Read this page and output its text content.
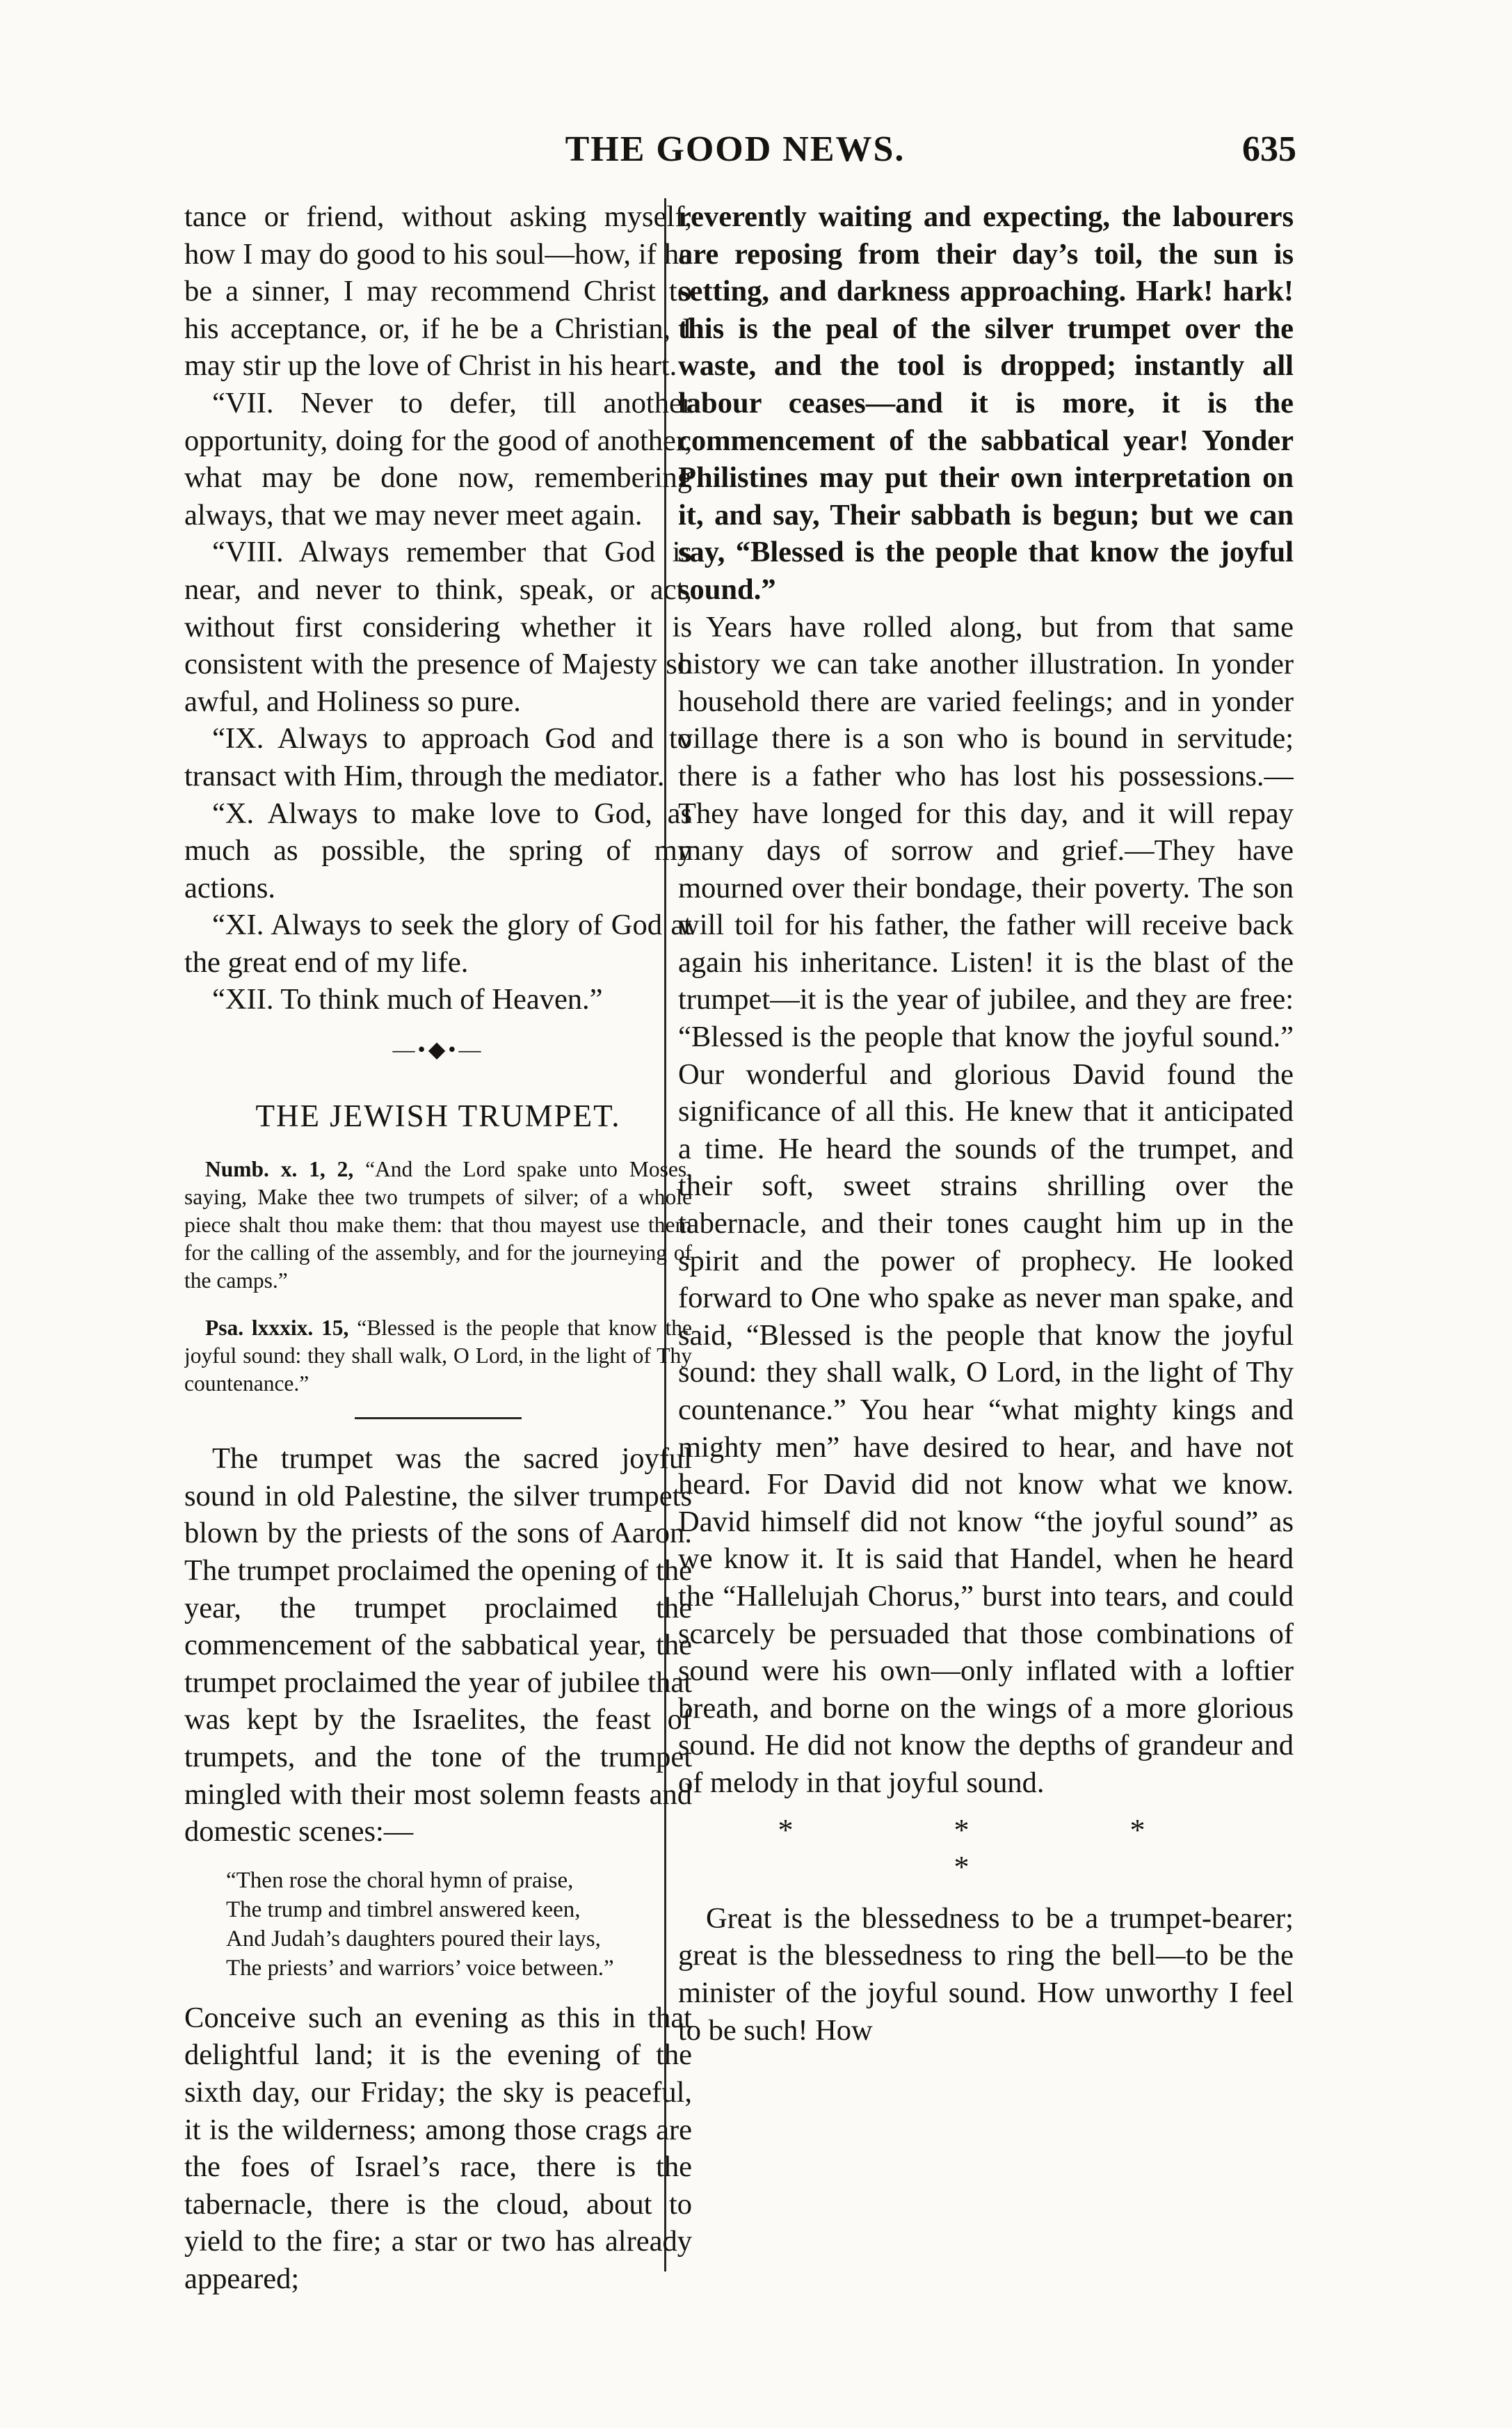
THE GOOD NEWS.	635

tance or friend, without asking myself, how I may do good to his soul—how, if he be a sinner, I may recommend Christ to his acceptance, or, if he be a Christian, I may stir up the love of Christ in his heart.

“VII. Never to defer, till another opportunity, doing for the good of another, what may be done now, remembering always, that we may never meet again.

“VIII. Always remember that God is near, and never to think, speak, or act, without first considering whether it is consistent with the presence of Majesty so awful, and Holiness so pure.

“IX. Always to approach God and to transact with Him, through the mediator.

“X. Always to make love to God, as much as possible, the spring of my actions.

“XI. Always to seek the glory of God at the great end of my life.

“XII. To think much of Heaven.”

—•◆•—
THE JEWISH TRUMPET.

Numb. x. 1, 2, “And the Lord spake unto Moses, saying, Make thee two trumpets of silver; of a whole piece shalt thou make them: that thou mayest use them for the calling of the assembly, and for the journeying of the camps.”

Psa. lxxxix. 15, “Blessed is the people that know the joyful sound: they shall walk, O Lord, in the light of Thy countenance.”

The trumpet was the sacred joyful sound in old Palestine, the silver trumpets blown by the priests of the sons of Aaron. The trumpet proclaimed the opening of the year, the trumpet proclaimed the commencement of the sabbatical year, the trumpet proclaimed the year of jubilee that was kept by the Israelites, the feast of trumpets, and the tone of the trumpet mingled with their most solemn feasts and domestic scenes:—

“Then rose the choral hymn of praise,
The trump and timbrel answered keen,
And Judah’s daughters poured their lays,
The priests’ and warriors’ voice between.”

Conceive such an evening as this in that delightful land; it is the evening of the sixth day, our Friday; the sky is peaceful, it is the wilderness; among those crags are the foes of Israel’s race, there is the tabernacle, there is the cloud, about to yield to the fire; a star or two has already appeared;

reverently waiting and expecting, the labourers are reposing from their day’s toil, the sun is setting, and darkness approaching. Hark! hark! this is the peal of the silver trumpet over the waste, and the tool is dropped; instantly all labour ceases—and it is more, it is the commencement of the sabbatical year! Yonder Philistines may put their own interpretation on it, and say, Their sabbath is begun; but we can say, “Blessed is the people that know the joyful sound.”

Years have rolled along, but from that same history we can take another illustration. In yonder household there are varied feelings; and in yonder village there is a son who is bound in servitude; there is a father who has lost his possessions.—They have longed for this day, and it will repay many days of sorrow and grief.—They have mourned over their bondage, their poverty. The son will toil for his father, the father will receive back again his inheritance. Listen! it is the blast of the trumpet—it is the year of jubilee, and they are free: “Blessed is the people that know the joyful sound.” Our wonderful and glorious David found the significance of all this. He knew that it anticipated a time. He heard the sounds of the trumpet, and their soft, sweet strains shrilling over the tabernacle, and their tones caught him up in the spirit and the power of prophecy. He looked forward to One who spake as never man spake, and said, “Blessed is the people that know the joyful sound: they shall walk, O Lord, in the light of Thy countenance.” You hear “what mighty kings and mighty men” have desired to hear, and have not heard. For David did not know what we know. David himself did not know “the joyful sound” as we know it. It is said that Handel, when he heard the “Hallelujah Chorus,” burst into tears, and could scarcely be persuaded that those combinations of sound were his own—only inflated with a loftier breath, and borne on the wings of a more glorious sound. He did not know the depths of grandeur and of melody in that joyful sound.

* * * *

Great is the blessedness to be a trumpet-bearer; great is the blessedness to ring the bell—to be the minister of the joyful sound. How unworthy I feel to be such! How
